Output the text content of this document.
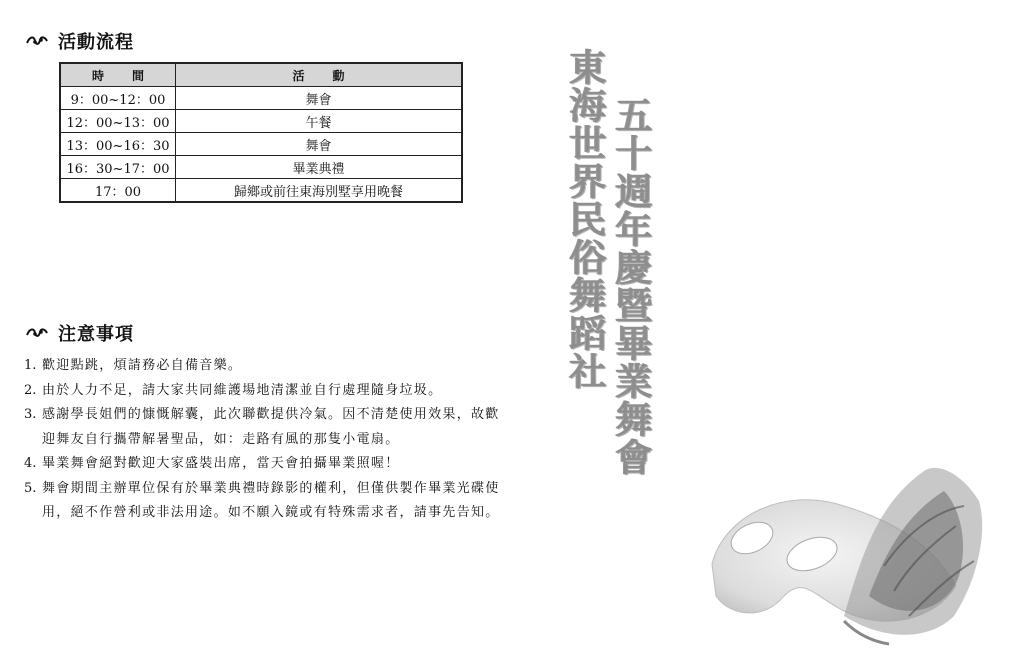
活動流程
時間	活動
9：00~12：00	舞會
12：00~13：00	午餐
13：00~16：30	舞會
16：30~17：00	畢業典禮
17：00	歸鄉或前往東海別墅享用晚餐
注意事項
1. 歡迎點跳，煩請務必自備音樂。
2. 由於人力不足，請大家共同維護場地清潔並自行處理隨身垃圾。
3. 感謝學長姐們的慷慨解囊，此次聯歡提供冷氣。因不清楚使用效果，故歡迎舞友自行攜帶解暑聖品，如：走路有風的那隻小電扇。
4. 畢業舞會絕對歡迎大家盛裝出席，當天會拍攝畢業照喔！
5. 舞會期間主辦單位保有於畢業典禮時錄影的權利，但僅供製作畢業光碟使用，絕不作營利或非法用途。如不願入鏡或有特殊需求者，請事先告知。
東海世界民俗舞蹈社 五十週年慶暨畢業舞會
